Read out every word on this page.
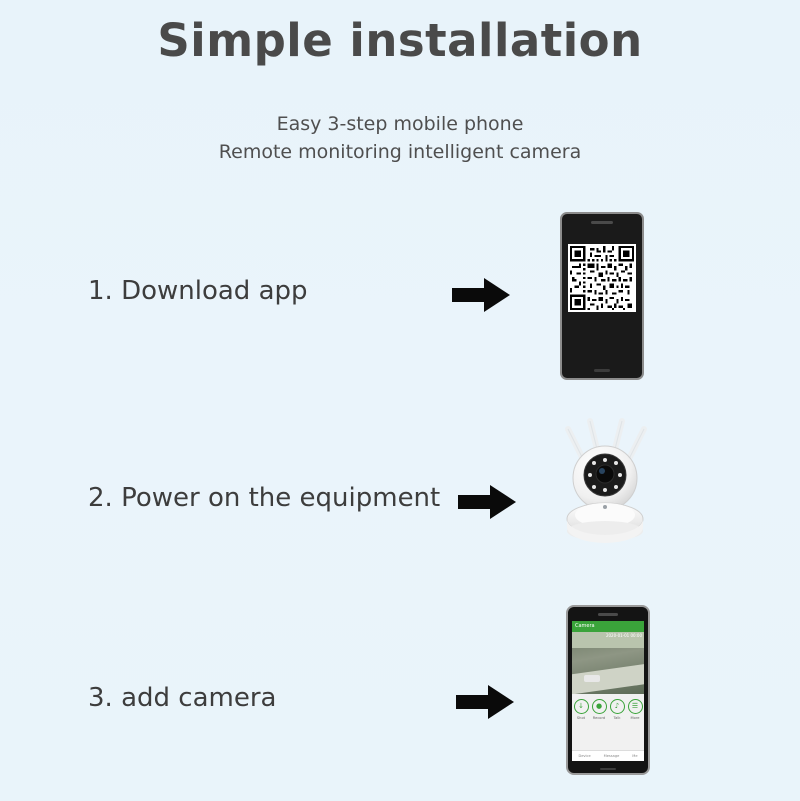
Simple installation
Easy 3-step mobile phone
Remote monitoring intelligent camera
1. Download app
2. Power on the equipment
3. add camera
Camera
2020-01-01 00:00
↓
Shot
●
Record
♪
Talk
☰
More
Device	Message	Me
